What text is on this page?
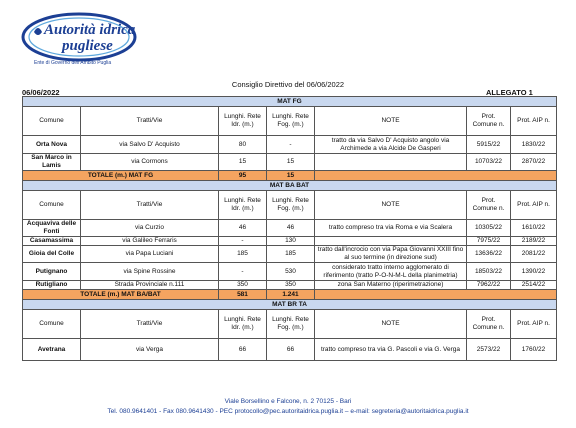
Autorità idrica
pugliese
Ente di Governo dell'Ambito Puglia
Consiglio Direttivo del 06/06/2022
06/06/2022	ALLEGATO 1
MAT FG						
Comune	Tratti/Vie	Lunghi. Rete Idr. (m.)	Lunghi. Rete Fog. (m.)	NOTE	Prot. Comune n.	Prot. AIP n.
Orta Nova	via Salvo D' Acquisto	80	-	tratto da via Salvo D' Acquisto angolo via Archimede a via Alcide De Gasperi	5915/22	1830/22
San Marco in Lamis	via Cormons	15	15		10703/22	2870/22
TOTALE (m.) MAT FG		95	15			
MAT BA BAT						
Comune	Tratti/Vie	Lunghi. Rete Idr. (m.)	Lunghi. Rete Fog. (m.)	NOTE	Prot. Comune n.	Prot. AIP n.
Acquaviva delle Fonti	via Curzio	46	46	tratto compreso tra via Roma e via Scalera	10305/22	1610/22
Casamassima	via Galileo Ferraris	-	130		7975/22	2189/22
Gioia del Colle	via Papa Luciani	185	185	tratto dall'incrocio con via Papa Giovanni XXIII fino al suo termine (in direzione sud)	13636/22	2081/22
Putignano	via Spine Rossine	-	530	considerato tratto interno agglomerato di riferimento (tratto P-O-N-M-L della planimetria)	18503/22	1390/22
Rutigliano	Strada Provinciale n.111	350	350	zona San Materno (riperimetrazione)	7962/22	2514/22
TOTALE (m.) MAT BA/BAT		581	1.241			
MAT BR TA						
Comune	Tratti/Vie	Lunghi. Rete Idr. (m.)	Lunghi. Rete Fog. (m.)	NOTE	Prot. Comune n.	Prot. AIP n.
Avetrana	via Verga	66	66	tratto compreso tra via G. Pascoli e via G. Verga	2573/22	1760/22
Viale Borsellino e Falcone, n. 2 70125 - Bari
Tel. 080.9641401 - Fax 080.9641430 - PEC protocollo@pec.autoritaidrica.puglia.it – e-mail: segreteria@autoritaidrica.puglia.it
